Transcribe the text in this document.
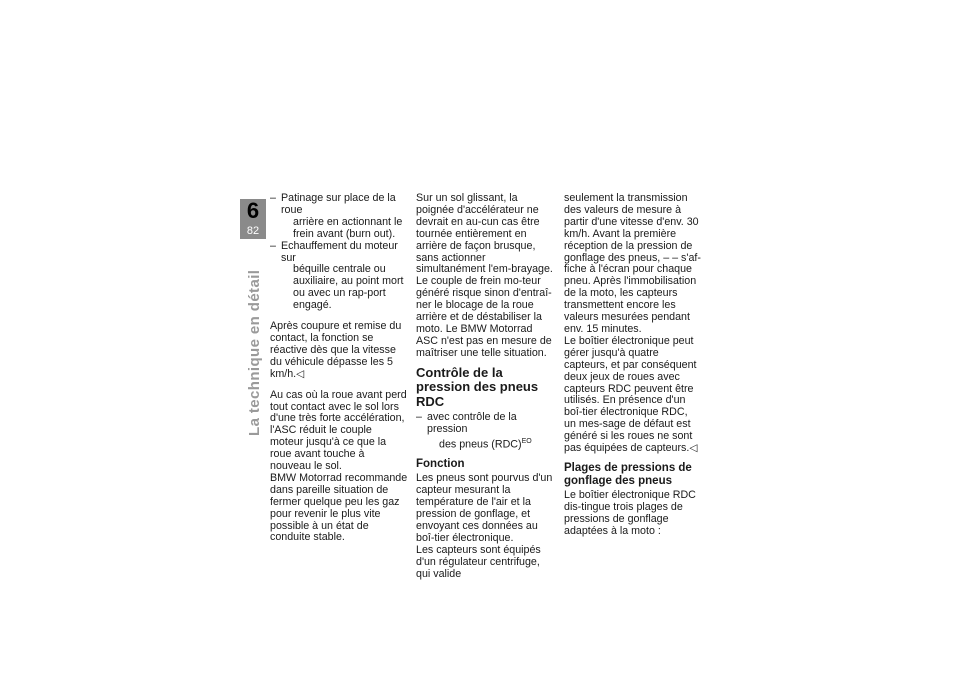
6
82
La technique en détail
– Patinage sur place de la roue
arrière en actionnant le frein avant (burn out).
– Echauffement du moteur sur
béquille centrale ou auxiliaire, au point mort ou avec un rap-port engagé.

Après coupure et remise du contact, la fonction se réactive dès que la vitesse du véhicule dépasse les 5 km/h.◁

Au cas où la roue avant perd tout contact avec le sol lors d'une très forte accélération, l'ASC réduit le couple moteur jusqu'à ce que la roue avant touche à nouveau le sol.

BMW Motorrad recommande dans pareille situation de fermer quelque peu les gaz pour revenir le plus vite possible à un état de conduite stable.

Sur un sol glissant, la poignée d'accélérateur ne devrait en au-cun cas être tournée entièrement en arrière de façon brusque, sans actionner simultanément l'em-brayage. Le couple de frein mo-teur généré risque sinon d'entraî-ner le blocage de la roue arrière et de déstabiliser la moto. Le BMW Motorrad ASC n'est pas en mesure de maîtriser une telle situation.

Contrôle de la pression des pneus RDC
– avec contrôle de la pression
des pneus (RDC)$^{EO}$
Fonction

Les pneus sont pourvus d'un capteur mesurant la température de l'air et la pression de gonflage, et envoyant ces données au boî-tier électronique.

Les capteurs sont équipés d'un régulateur centrifuge, qui valide

seulement la transmission des valeurs de mesure à partir d'une vitesse d'env. 30 km/h. Avant la première réception de la pression de gonflage des pneus, – – s'af-fiche à l'écran pour chaque pneu. Après l'immobilisation de la moto, les capteurs transmettent encore les valeurs mesurées pendant env. 15 minutes.

Le boîtier électronique peut gérer jusqu'à quatre capteurs, et par conséquent deux jeux de roues avec capteurs RDC peuvent être utilisés. En présence d'un boî-tier électronique RDC, un mes-sage de défaut est généré si les roues ne sont pas équipées de capteurs.◁

Plages de pressions de gonflage des pneus

Le boîtier électronique RDC dis-tingue trois plages de pressions de gonflage adaptées à la moto :
